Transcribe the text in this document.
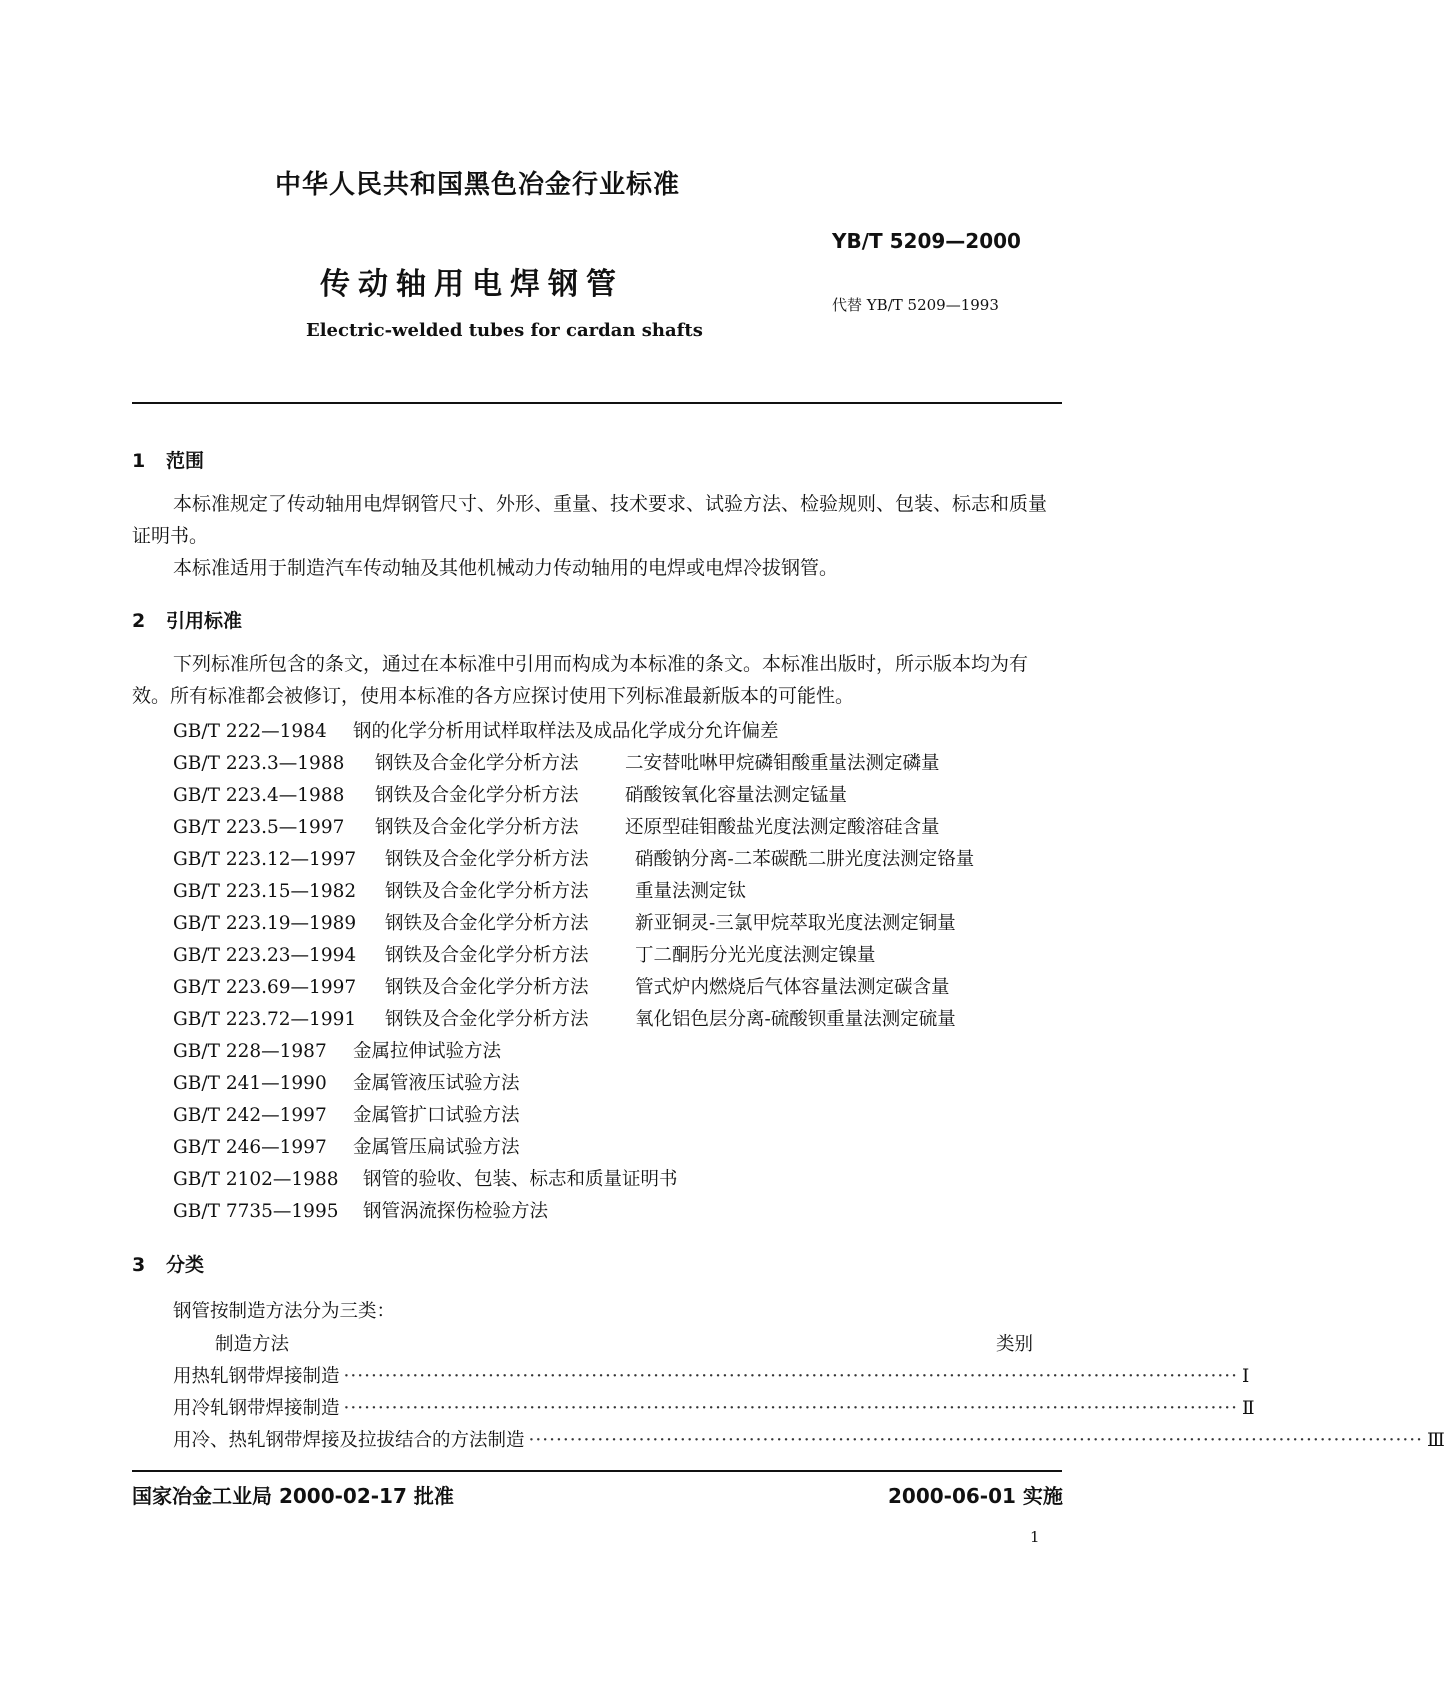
中华人民共和国黑色冶金行业标准
YB/T 5209—2000
传动轴用电焊钢管
代替 YB/T 5209—1993
Electric-welded tubes for cardan shafts
1 范围
本标准规定了传动轴用电焊钢管尺寸、外形、重量、技术要求、试验方法、检验规则、包装、标志和质量证明书。
本标准适用于制造汽车传动轴及其他机械动力传动轴用的电焊或电焊冷拔钢管。
2 引用标准
下列标准所包含的条文，通过在本标准中引用而构成为本标准的条文。本标准出版时，所示版本均为有效。所有标准都会被修订，使用本标准的各方应探讨使用下列标准最新版本的可能性。
GB/T 222—1984 钢的化学分析用试样取样法及成品化学成分允许偏差
GB/T 223.3—1988 钢铁及合金化学分析方法	二安替吡啉甲烷磷钼酸重量法测定磷量
GB/T 223.4—1988 钢铁及合金化学分析方法	硝酸铵氧化容量法测定锰量
GB/T 223.5—1997 钢铁及合金化学分析方法	还原型硅钼酸盐光度法测定酸溶硅含量
GB/T 223.12—1997 钢铁及合金化学分析方法	硝酸钠分离-二苯碳酰二肼光度法测定铬量
GB/T 223.15—1982 钢铁及合金化学分析方法	重量法测定钛
GB/T 223.19—1989 钢铁及合金化学分析方法	新亚铜灵-三氯甲烷萃取光度法测定铜量
GB/T 223.23—1994 钢铁及合金化学分析方法	丁二酮肟分光光度法测定镍量
GB/T 223.69—1997 钢铁及合金化学分析方法	管式炉内燃烧后气体容量法测定碳含量
GB/T 223.72—1991 钢铁及合金化学分析方法	氧化铝色层分离-硫酸钡重量法测定硫量
GB/T 228—1987 金属拉伸试验方法
GB/T 241—1990 金属管液压试验方法
GB/T 242—1997 金属管扩口试验方法
GB/T 246—1997 金属管压扁试验方法
GB/T 2102—1988 钢管的验收、包装、标志和质量证明书
GB/T 7735—1995 钢管涡流探伤检验方法
3 分类
钢管按制造方法分为三类：
制造方法	类别
用热轧钢带焊接制造 ·································································································································· Ⅰ
用冷轧钢带焊接制造 ·································································································································· Ⅱ
用冷、热轧钢带焊接及拉拔结合的方法制造 ·································································································································· Ⅲ
国家冶金工业局 2000-02-17 批准	2000-06-01 实施
1
